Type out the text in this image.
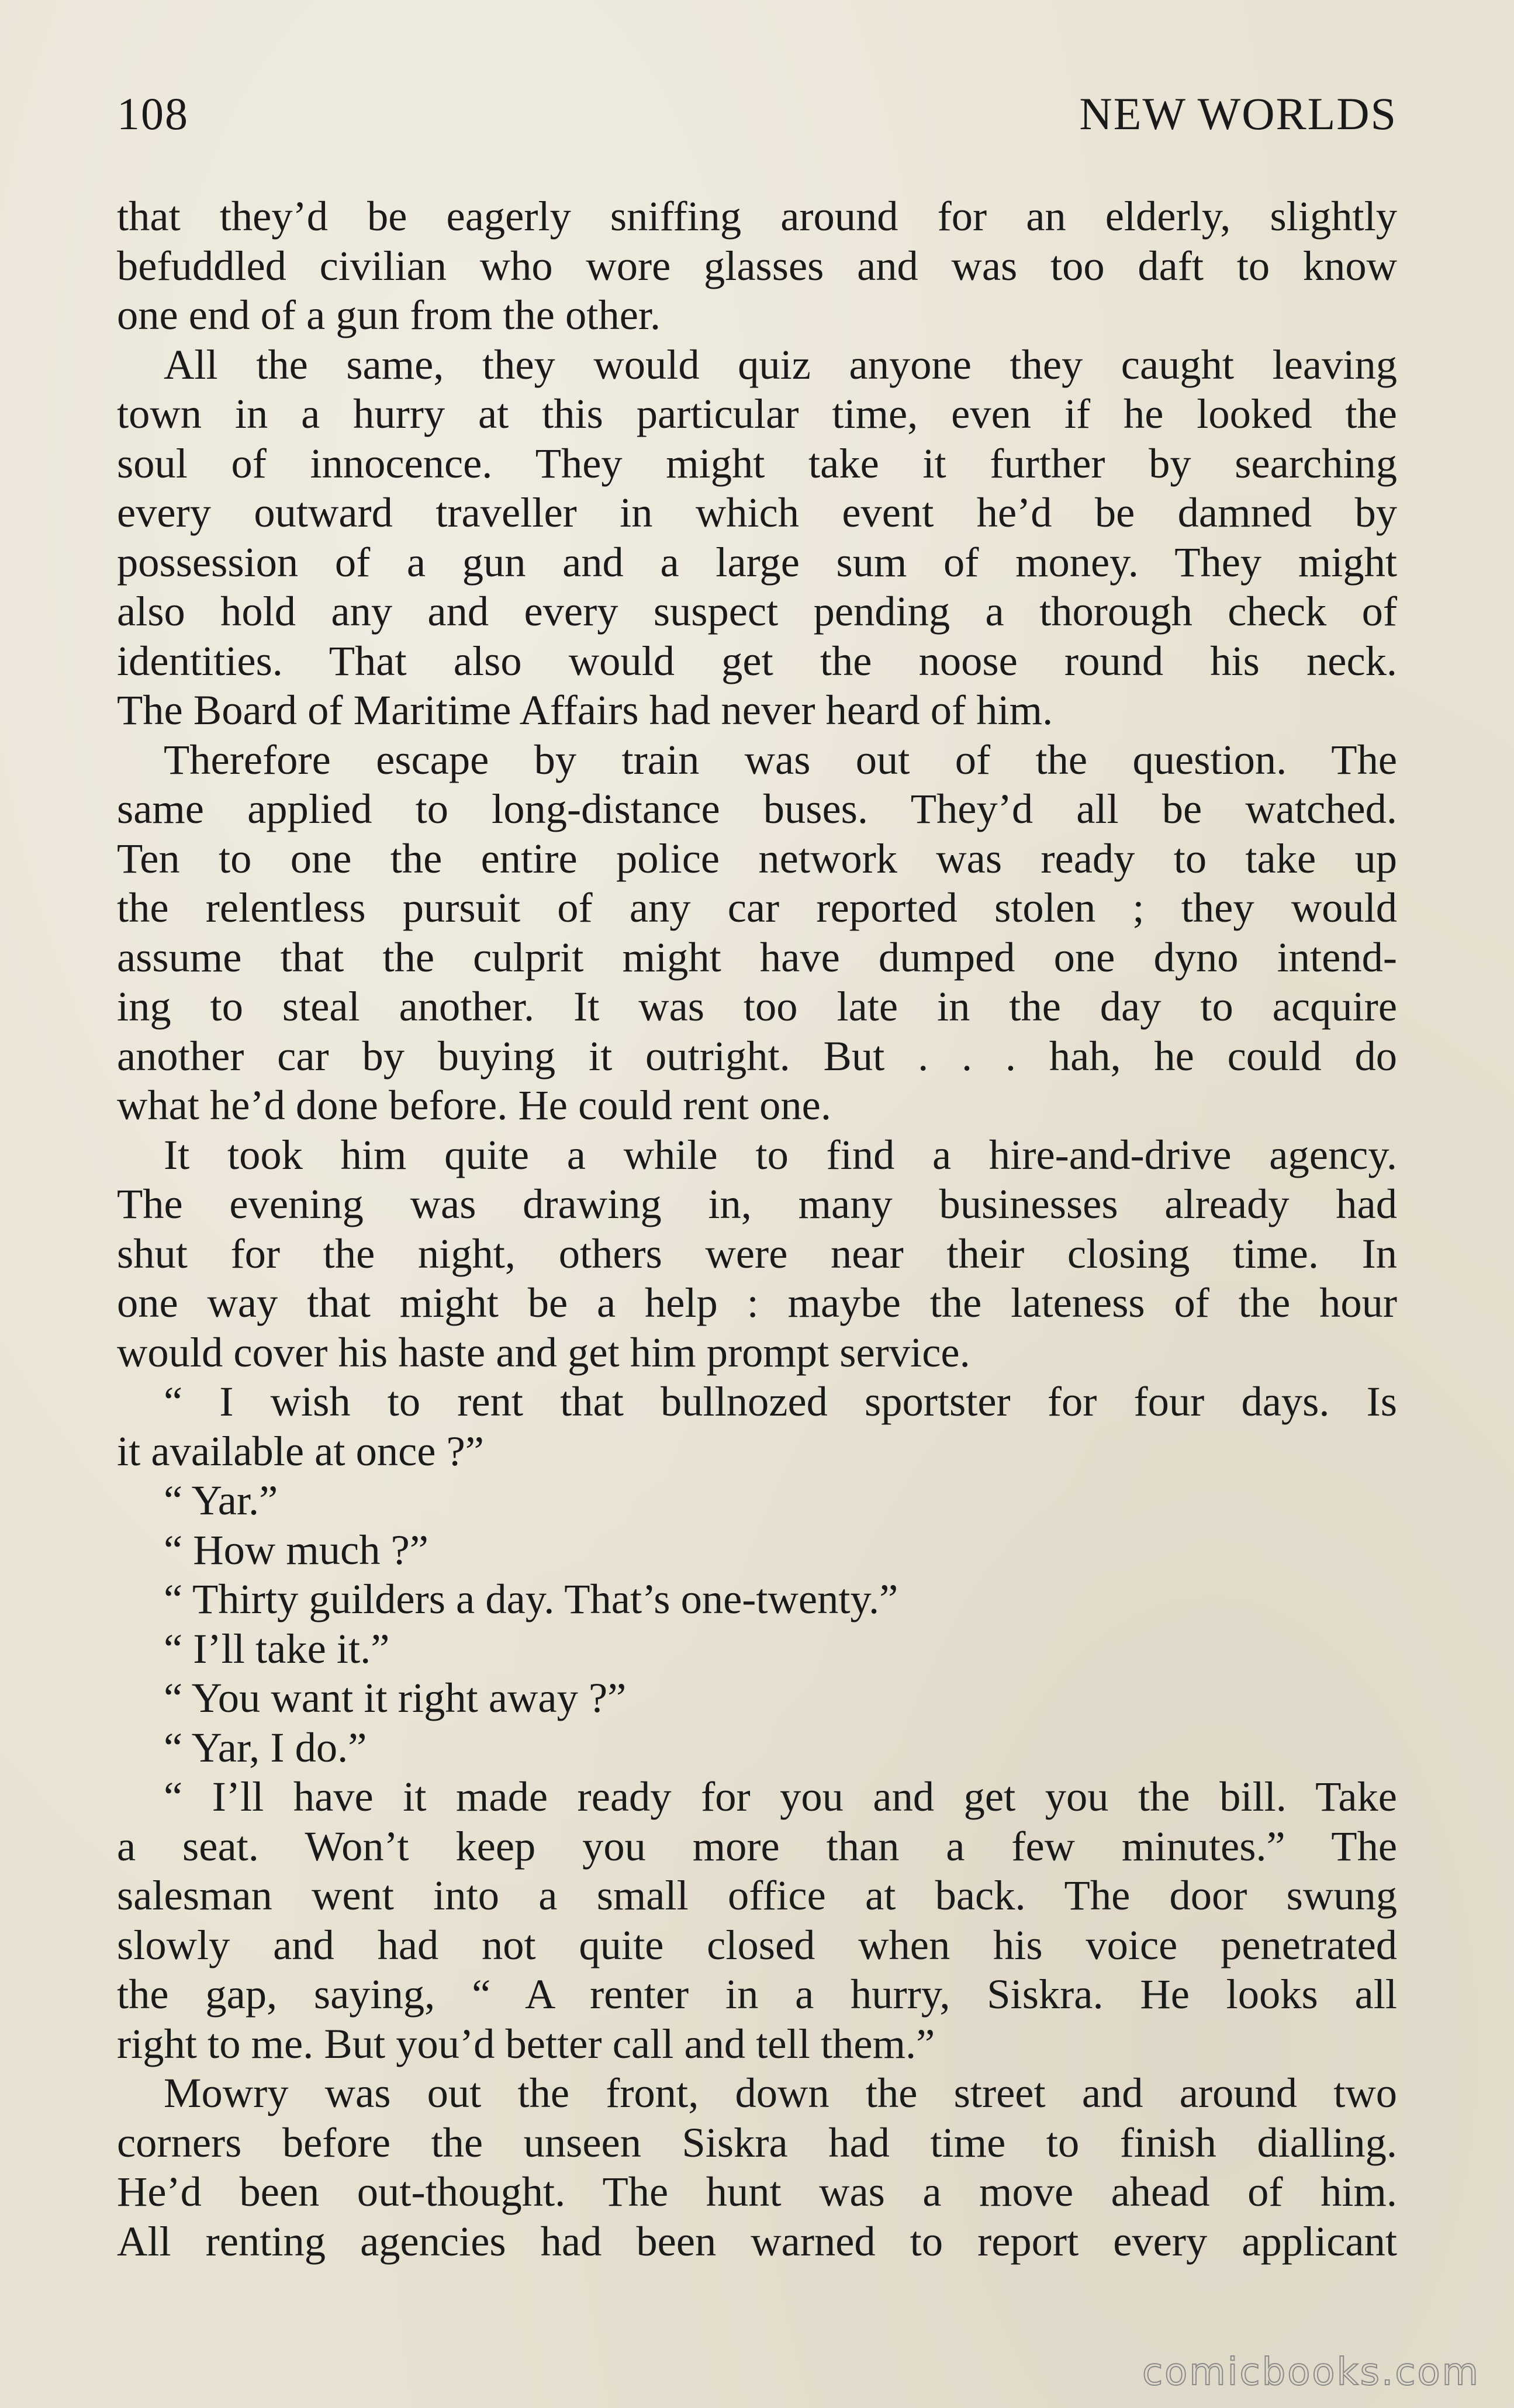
108	NEW WORLDS
that they’d be eagerly sniffing around for an elderly, slightly
befuddled civilian who wore glasses and was too daft to know
one end of a gun from the other.
All the same, they would quiz anyone they caught leaving
town in a hurry at this particular time, even if he looked the
soul of innocence. They might take it further by searching
every outward traveller in which event he’d be damned by
possession of a gun and a large sum of money. They might
also hold any and every suspect pending a thorough check of
identities. That also would get the noose round his neck.
The Board of Maritime Affairs had never heard of him.
Therefore escape by train was out of the question. The
same applied to long-distance buses. They’d all be watched.
Ten to one the entire police network was ready to take up
the relentless pursuit of any car reported stolen ; they would
assume that the culprit might have dumped one dyno intend-
ing to steal another. It was too late in the day to acquire
another car by buying it outright. But . . . hah, he could do
what he’d done before. He could rent one.
It took him quite a while to find a hire-and-drive agency.
The evening was drawing in, many businesses already had
shut for the night, others were near their closing time. In
one way that might be a help : maybe the lateness of the hour
would cover his haste and get him prompt service.
“ I wish to rent that bullnozed sportster for four days. Is
it available at once ?”
“ Yar.”
“ How much ?”
“ Thirty guilders a day. That’s one-twenty.”
“ I’ll take it.”
“ You want it right away ?”
“ Yar, I do.”
“ I’ll have it made ready for you and get you the bill. Take
a seat. Won’t keep you more than a few minutes.” The
salesman went into a small office at back. The door swung
slowly and had not quite closed when his voice penetrated
the gap, saying, “ A renter in a hurry, Siskra. He looks all
right to me. But you’d better call and tell them.”
Mowry was out the front, down the street and around two
corners before the unseen Siskra had time to finish dialling.
He’d been out-thought. The hunt was a move ahead of him.
All renting agencies had been warned to report every applicant
comicbooks.com
